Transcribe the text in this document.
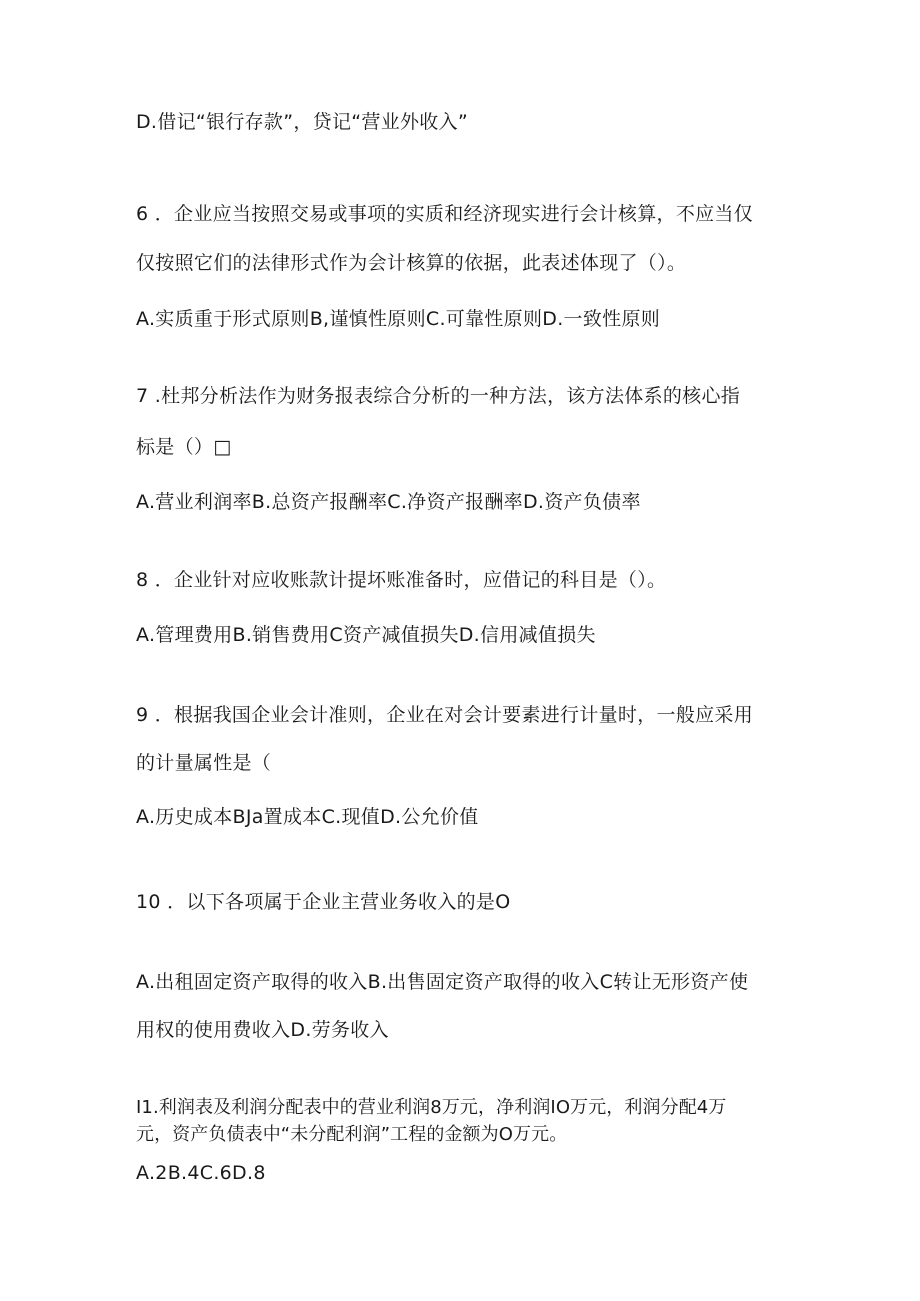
D.借记“银行存款”，贷记“营业外收入”
6 ．企业应当按照交易或事项的实质和经济现实进行会计核算，不应当仅
仅按照它们的法律形式作为会计核算的依据，此表述体现了（）。
A.实质重于形式原则B,谨慎性原则C.可靠性原则D.一致性原则
7 .杜邦分析法作为财务报表综合分析的一种方法，该方法体系的核心指
标是（）□
A.营业利润率B.总资产报酬率C.净资产报酬率D.资产负债率
8 ．企业针对应收账款计提坏账准备时，应借记的科目是（）。
A.管理费用B.销售费用C资产减值损失D.信用减值损失
9 ．根据我国企业会计准则，企业在对会计要素进行计量时，一般应采用
的计量属性是（
A.历史成本BJa置成本C.现值D.公允价值
10 ．以下各项属于企业主营业务收入的是O
A.出租固定资产取得的收入B.出售固定资产取得的收入C转让无形资产使
用权的使用费收入D.劳务收入
I1.利润表及利润分配表中的营业利润8万元，净利润IO万元，利润分配4万
元，资产负债表中“未分配利润”工程的金额为O万元。
A.2B.4C.6D.8
